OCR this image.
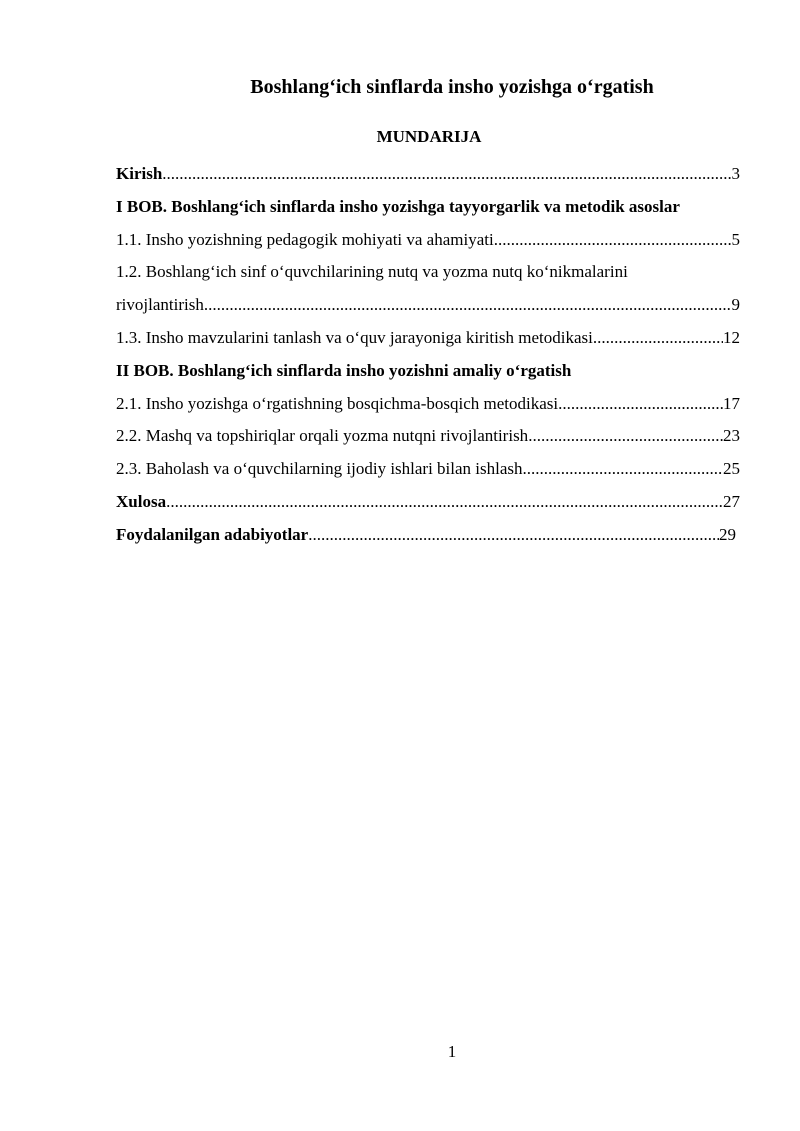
Boshlang‘ich sinflarda insho yozishga o‘rgatish
MUNDARIJA
Kirish .....	3
I BOB. Boshlang‘ich sinflarda insho yozishga tayyorgarlik va metodik asoslar
1.1. Insho yozishning pedagogik mohiyati va ahamiyati .....	5
1.2. Boshlang‘ich sinf o‘quvchilarining nutq va yozma nutq ko‘nikmalarini
rivojlantirish .....	9
1.3. Insho mavzularini tanlash va o‘quv jarayoniga kiritish metodikasi .....	12
II BOB. Boshlang‘ich sinflarda insho yozishni amaliy o‘rgatish
2.1. Insho yozishga o‘rgatishning bosqichma-bosqich metodikasi .....	17
2.2. Mashq va topshiriqlar orqali yozma nutqni rivojlantirish .....	23
2.3. Baholash va o‘quvchilarning ijodiy ishlari bilan ishlash .....	25
Xulosa .....	27
Foydalanilgan adabiyotlar .....	29
1
